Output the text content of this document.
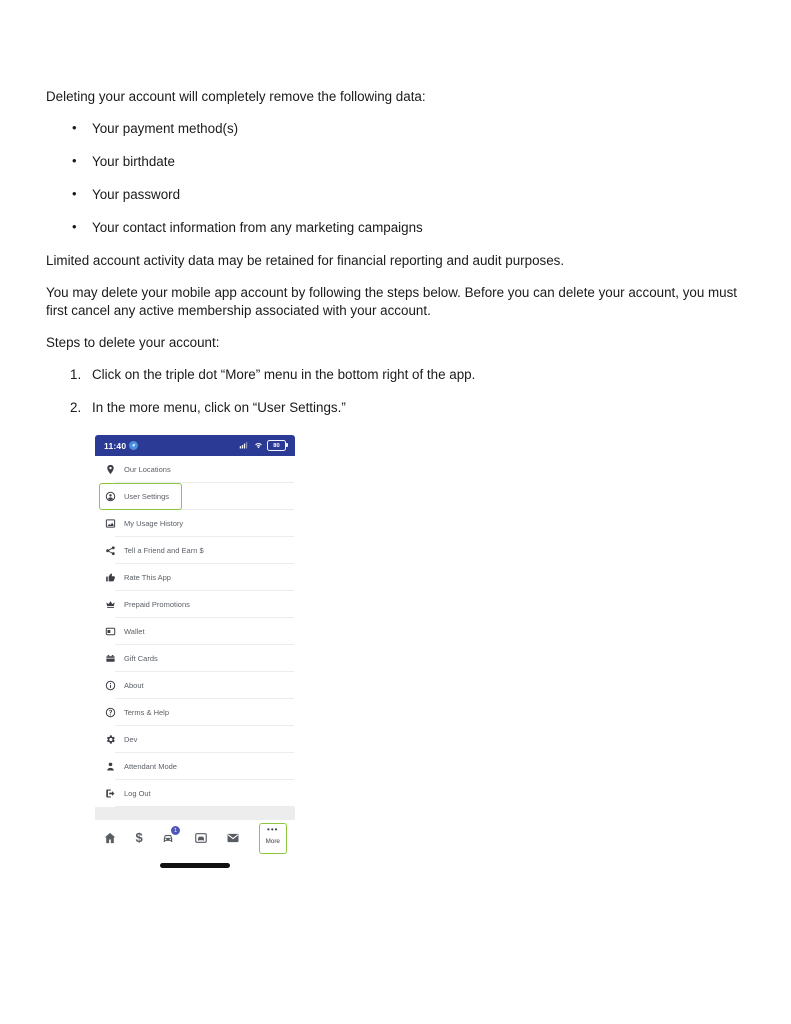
Deleting your account will completely remove the following data:

• Your payment method(s)
• Your birthdate
• Your password
• Your contact information from any marketing campaigns

Limited account activity data may be retained for financial reporting and audit purposes.

You may delete your mobile app account by following the steps below. Before you can delete your account, you must first cancel any active membership associated with your account.

Steps to delete your account:

Click on the triple dot “More” menu in the bottom right of the app.
In the more menu, click on “User Settings.”
11:40	80
Our Locations
User Settings
My Usage History
Tell a Friend and Earn $
Rate This App
Prepaid Promotions
Wallet
Gift Cards
About
Terms & Help
Dev
Attendant Mode
Log Out
$	1	•••
More
